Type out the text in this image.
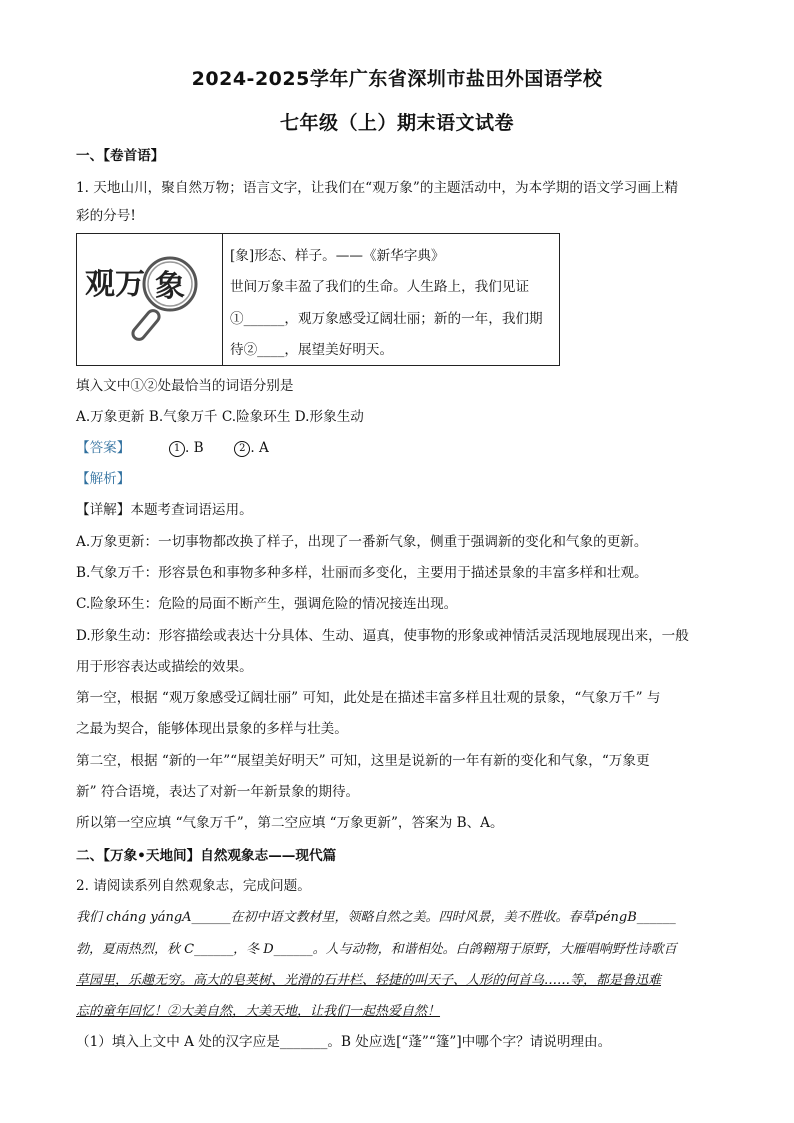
2024-2025学年广东省深圳市盐田外国语学校
七年级（上）期末语文试卷
一、【卷首语】
1. 天地山川，聚自然万物；语言文字，让我们在“观万象”的主题活动中，为本学期的语文学习画上精
彩的分号!
观万 象
[象]形态、样子。——《新华字典》
世间万象丰盈了我们的生命。人生路上，我们见证
①______，观万象感受辽阔壮丽；新的一年，我们期
待②____，展望美好明天。
填入文中①②处最恰当的词语分别是
A.万象更新 B.气象万千 C.险象环生 D.形象生动
【答案】	1 . B	2 . A
【解析】
【详解】本题考查词语运用。
A.万象更新：一切事物都改换了样子，出现了一番新气象，侧重于强调新的变化和气象的更新。
B.气象万千：形容景色和事物多种多样，壮丽而多变化，主要用于描述景象的丰富多样和壮观。
C.险象环生：危险的局面不断产生，强调危险的情况接连出现。
D.形象生动：形容描绘或表达十分具体、生动、逼真，使事物的形象或神情活灵活现地展现出来，一般
用于形容表达或描绘的效果。
第一空，根据 “观万象感受辽阔壮丽” 可知，此处是在描述丰富多样且壮观的景象，“气象万千” 与
之最为契合，能够体现出景象的多样与壮美。
第二空，根据 “新的一年”“展望美好明天” 可知，这里是说新的一年有新的变化和气象，“万象更
新” 符合语境，表达了对新一年新景象的期待。
所以第一空应填 “气象万千”，第二空应填 “万象更新”，答案为 B、A。
二、【万象•天地间】自然观象志——现代篇
2. 请阅读系列自然观象志，完成问题。
我们 cháng yángA______在初中语文教材里，领略自然之美。四时风景，美不胜收。春草péngB______
勃，夏雨热烈，秋 C______，冬 D______。人与动物，和谐相处。白鸽翱翔于原野，大雁唱响野性诗歌百
草园里，乐趣无穷。高大的皂荚树、光滑的石井栏、轻捷的叫天子、人形的何首乌……等，都是鲁迅难
忘的童年回忆！②大美自然，大美天地，让我们一起热爱自然！
（1）填入上文中 A 处的汉字应是_______。B 处应选[“蓬”“篷”]中哪个字？请说明理由。
